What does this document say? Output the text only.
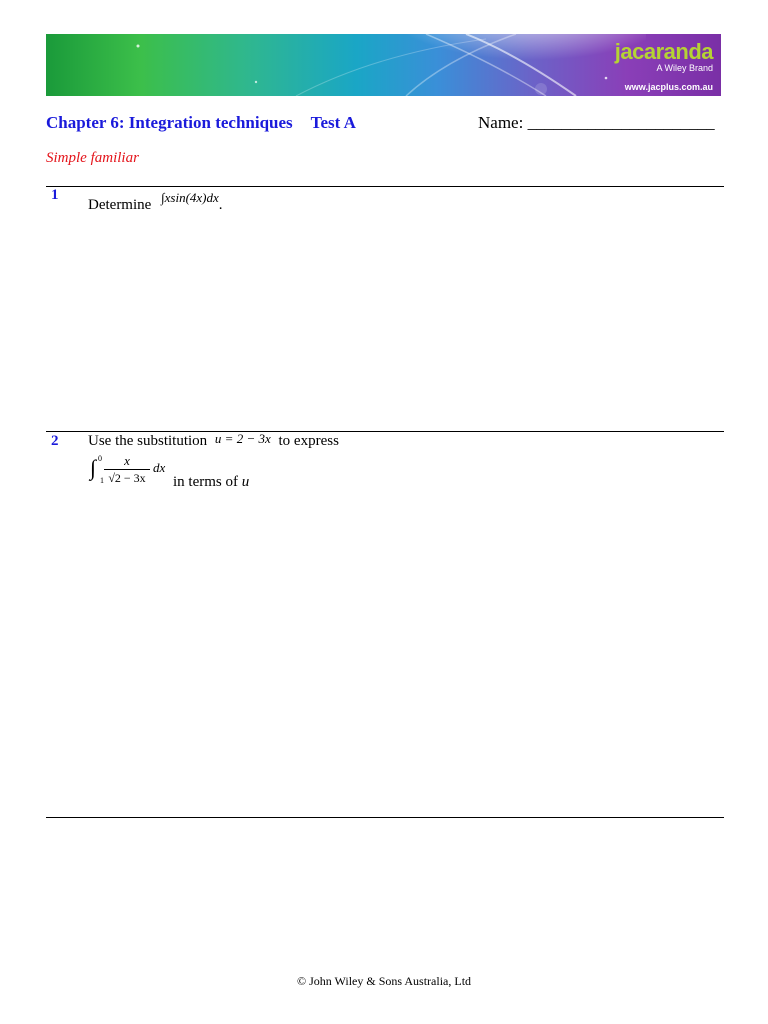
jacaranda
A Wiley Brand
www.jacplus.com.au
Chapter 6: Integration techniques Test A	Name: ______________________
Simple familiar
1
Determine ∫xsin(4x)dx.
2 Use the substitution u = 2 − 3x to express
∫ 0
1
x
√2 − 3x
dx
in terms of u
© John Wiley & Sons Australia, Ltd
